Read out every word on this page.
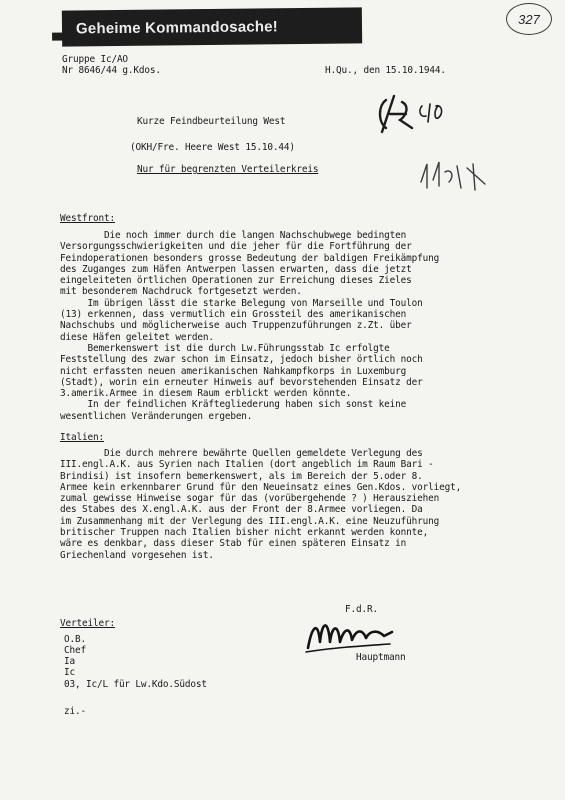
Geheime Kommandosache!	327
Gruppe Ic/AO
Nr 8646/44 g.Kdos.	H.Qu., den 15.10.1944.
Kurze Feindbeurteilung West
(OKH/Fre. Heere West 15.10.44)
Nur für begrenzten Verteilerkreis
Westfront:
Die noch immer durch die langen Nachschubwege bedingten
Versorgungsschwierigkeiten und die jeher für die Fortführung der
Feindoperationen besonders grosse Bedeutung der baldigen Freikämpfung
des Zuganges zum Häfen Antwerpen lassen erwarten, dass die jetzt
eingeleiteten örtlichen Operationen zur Erreichung dieses Zieles
mit besonderem Nachdruck fortgesetzt werden.
Im übrigen lässt die starke Belegung von Marseille und Toulon
(13) erkennen, dass vermutlich ein Grossteil des amerikanischen
Nachschubs und möglicherweise auch Truppenzuführungen z.Zt. über
diese Häfen geleitet werden.
Bemerkenswert ist die durch Lw.Führungsstab Ic erfolgte
Feststellung des zwar schon im Einsatz, jedoch bisher örtlich noch
nicht erfassten neuen amerikanischen Nahkampfkorps in Luxemburg
(Stadt), worin ein erneuter Hinweis auf bevorstehenden Einsatz der
3.amerik.Armee in diesem Raum erblickt werden könnte.
In der feindlichen Kräftegliederung haben sich sonst keine
wesentlichen Veränderungen ergeben.
Italien:
Die durch mehrere bewährte Quellen gemeldete Verlegung des
III.engl.A.K. aus Syrien nach Italien (dort angeblich im Raum Bari -
Brindisi) ist insofern bemerkenswert, als im Bereich der 5.oder 8.
Armee kein erkennbarer Grund für den Neueinsatz eines Gen.Kdos. vorliegt,
zumal gewisse Hinweise sogar für das (vorübergehende ? ) Herausziehen
des Stabes des X.engl.A.K. aus der Front der 8.Armee vorliegen. Da
im Zusammenhang mit der Verlegung des III.engl.A.K. eine Neuzuführung
britischer Truppen nach Italien bisher nicht erkannt werden konnte,
wäre es denkbar, dass dieser Stab für einen späteren Einsatz in
Griechenland vorgesehen ist.
F.d.R.
Hauptmann
Verteiler:
O.B.
Chef
Ia
Ic
03, Ic/L für Lw.Kdo.Südost
zi.-
